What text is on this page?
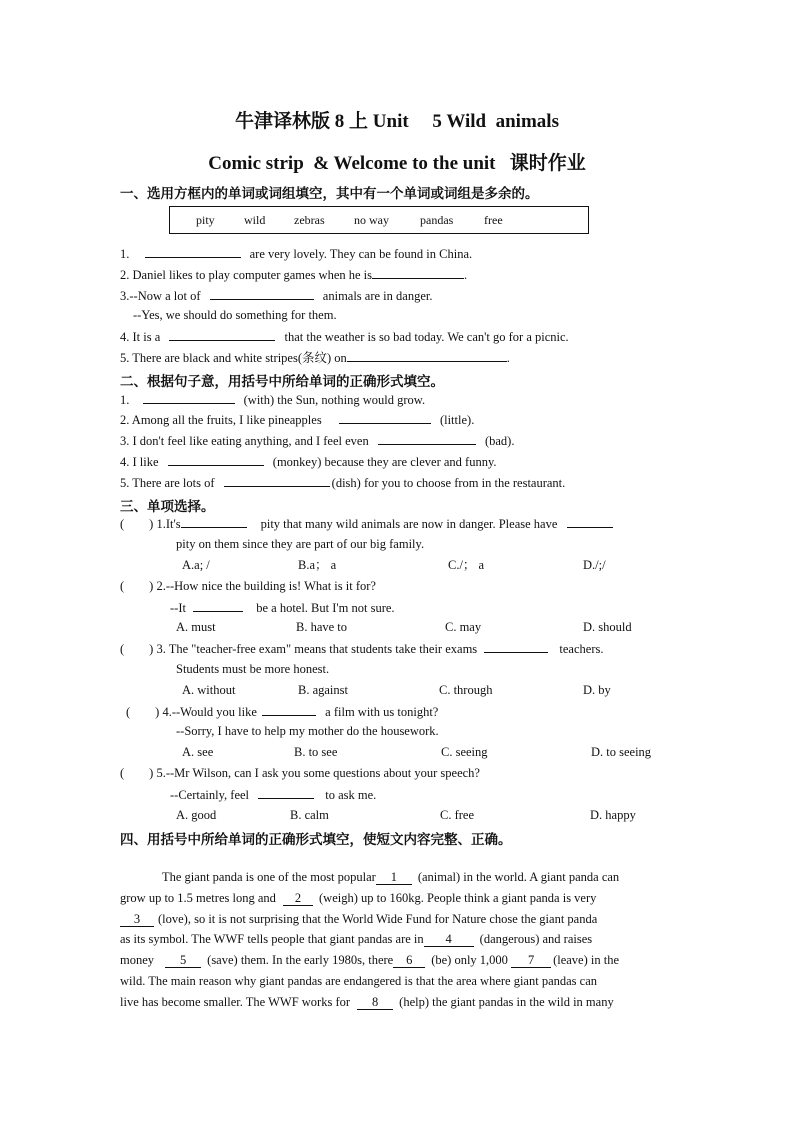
牛津译林版 8 上 Unit　 5 Wild  animals
Comic strip  & Welcome to the unit   课时作业
一、选用方框内的单词或词组填空，其中有一个单词或词组是多余的。
pity wild zebras no way	pandas	free
1.	are very lovely. They can be found in China.
2. Daniel likes to play computer games when he is	.
3.--Now a lot of	animals are in danger.
--Yes, we should do something for them.
4. It is a	that the weather is so bad today. We can't go for a picnic.
5. There are black and white stripes(条纹) on	.
二、根据句子意，用括号中所给单词的正确形式填空。
1.	(with) the Sun, nothing would grow.
2. Among all the fruits, I like pineapples	(little).
3. I don't feel like eating anything, and I feel even	(bad).
4. I like	(monkey) because they are clever and funny.
5. There are lots of	(dish) for you to choose from in the restaurant.
三、单项选择。
(　　) 1.It's	pity that many wild animals are now in danger. Please have
pity on them since they are part of our big family.
A.a; /	B.a； a	C./； a	D./;/
(　　) 2.--How nice the building is! What is it for?
--It	be a hotel. But I'm not sure.
A. must	B. have to	C. may	D. should
(　　) 3. The "teacher-free exam" means that students take their exams	teachers.
Students must be more honest.
A. without	B. against	C. through	D. by
(　　) 4.--Would you like	a film with us tonight?
--Sorry, I have to help my mother do the housework.
A. see	B. to see	C. seeing	D. to seeing
(　　) 5.--Mr Wilson, can I ask you some questions about your speech?
--Certainly, feel	to ask me.
A. good	B. calm	C. free	D. happy
四、用括号中所给单词的正确形式填空，使短文内容完整、正确。
The giant panda is one of the most popular 1 (animal) in the world. A giant panda can
grow up to 1.5 metres long and 2 (weigh) up to 160kg. People think a giant panda is very
3 (love), so it is not surprising that the World Wide Fund for Nature chose the giant panda
as its symbol. The WWF tells people that giant pandas are in 4 (dangerous) and raises
money 5 (save) them. In the early 1980s, there 6 (be) only 1,000 7 (leave) in the
wild. The main reason why giant pandas are endangered is that the area where giant pandas can
live has become smaller. The WWF works for 8 (help) the giant pandas in the wild in many
